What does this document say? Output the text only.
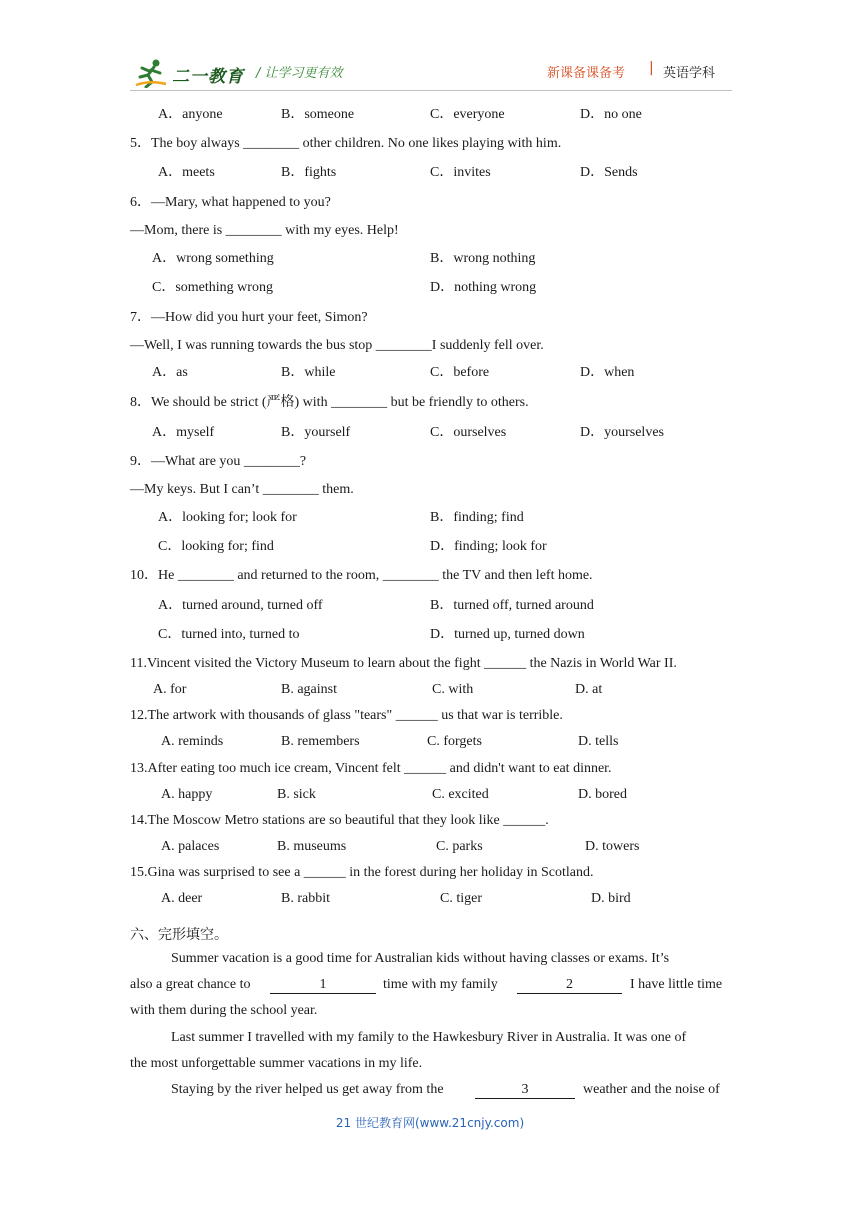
二一教育 / 让学习更有效	新课备课备考 | 英语学科
A．anyone	B．someone	C．everyone	D．no one
5．The boy always ________ other children. No one likes playing with him.
A．meets	B．fights	C．invites	D．Sends
6．—Mary, what happened to you?
—Mom, there is ________ with my eyes. Help!
A．wrong something	B．wrong nothing
C．something wrong	D．nothing wrong
7．—How did you hurt your feet, Simon?
—Well, I was running towards the bus stop ________I suddenly fell over.
A．as	B．while	C．before	D．when
8．We should be strict (严格) with ________ but be friendly to others.
A．myself	B．yourself	C．ourselves	D．yourselves
9．—What are you ________?
—My keys. But I can’t ________ them.
A．looking for; look for	B．finding; find
C．looking for; find	D．finding; look for
10．He ________ and returned to the room, ________ the TV and then left home.
A．turned around, turned off	B．turned off, turned around
C．turned into, turned to	D．turned up, turned down
11.Vincent visited the Victory Museum to learn about the fight ______ the Nazis in World War II.
A. for	B. against	C. with	D. at
12.The artwork with thousands of glass "tears" ______ us that war is terrible.
A. reminds	B. remembers	C. forgets	D. tells
13.After eating too much ice cream, Vincent felt ______ and didn't want to eat dinner.
A. happy	B. sick	C. excited	D. bored
14.The Moscow Metro stations are so beautiful that they look like ______.
A. palaces	B. museums	C. parks	D. towers
15.Gina was surprised to see a ______ in the forest during her holiday in Scotland.
A. deer	B. rabbit	C. tiger	D. bird
六、完形填空。
Summer vacation is a good time for Australian kids without having classes or exams. It’s
also a great chance to	1	time with my family	2	I have little time
with them during the school year.
Last summer I travelled with my family to the Hawkesbury River in Australia. It was one of
the most unforgettable summer vacations in my life.
Staying by the river helped us get away from the	3	weather and the noise of
21 世纪教育网(www.21cnjy.com)
